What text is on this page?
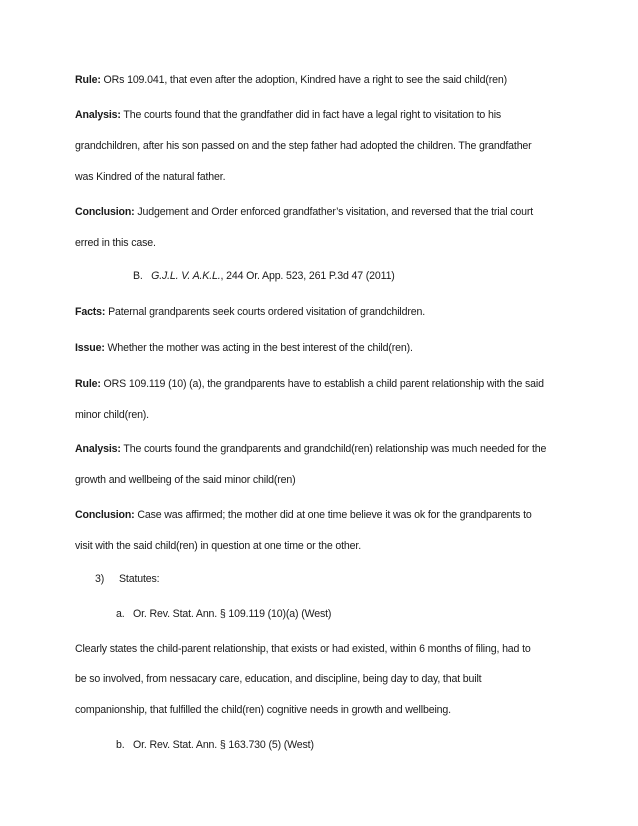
Rule: ORs 109.041, that even after the adoption, Kindred have a right to see the said child(ren)
Analysis: The courts found that the grandfather did in fact have a legal right to visitation to his
grandchildren, after his son passed on and the step father had adopted the children. The grandfather
was Kindred of the natural father.
Conclusion: Judgement and Order enforced grandfather’s visitation, and reversed that the trial court
erred in this case.
B. G.J.L. V. A.K.L., 244 Or. App. 523, 261 P.3d 47 (2011)
Facts: Paternal grandparents seek courts ordered visitation of grandchildren.
Issue: Whether the mother was acting in the best interest of the child(ren).
Rule: ORS 109.119 (10) (a), the grandparents have to establish a child parent relationship with the said
minor child(ren).
Analysis: The courts found the grandparents and grandchild(ren) relationship was much needed for the
growth and wellbeing of the said minor child(ren)
Conclusion: Case was affirmed; the mother did at one time believe it was ok for the grandparents to
visit with the said child(ren) in question at one time or the other.
3) Statutes:
a. Or. Rev. Stat. Ann. § 109.119 (10)(a) (West)
Clearly states the child-parent relationship, that exists or had existed, within 6 months of filing, had to
be so involved, from nessacary care, education, and discipline, being day to day, that built
companionship, that fulfilled the child(ren) cognitive needs in growth and wellbeing.
b. Or. Rev. Stat. Ann. § 163.730 (5) (West)
